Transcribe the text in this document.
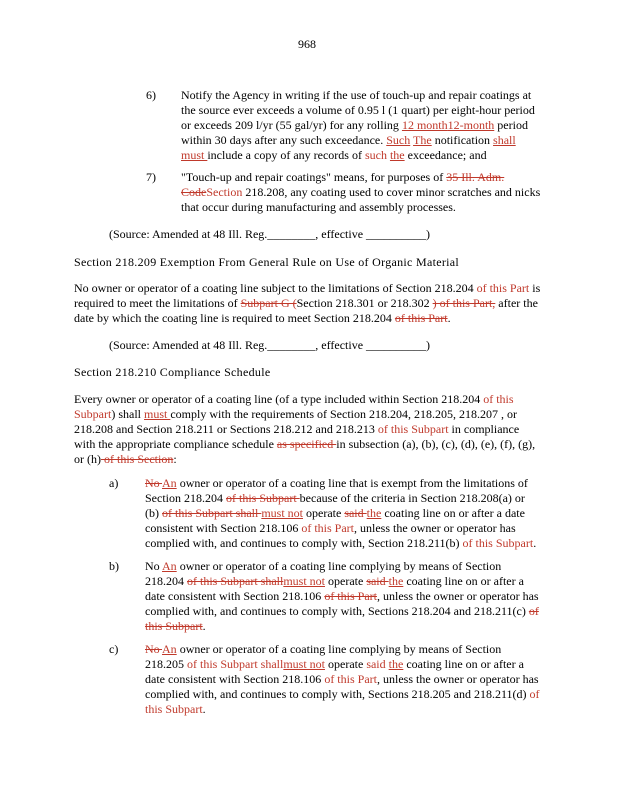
968
6) Notify the Agency in writing if the use of touch-up and repair coatings at
the source ever exceeds a volume of 0.95 l (1 quart) per eight-hour period
or exceeds 209 l/yr (55 gal/yr) for any rolling 12 month12-month period
within 30 days after any such exceedance. Such The notification shall
must include a copy of any records of such the exceedance; and
7) "Touch-up and repair coatings" means, for purposes of 35 Ill. Adm.
CodeSection 218.208, any coating used to cover minor scratches and nicks
that occur during manufacturing and assembly processes.
(Source: Amended at 48 Ill. Reg.________, effective __________)
Section 218.209 Exemption From General Rule on Use of Organic Material
No owner or operator of a coating line subject to the limitations of Section 218.204 of this Part is
required to meet the limitations of Subpart G (Section 218.301 or 218.302 ) of this Part, after the
date by which the coating line is required to meet Section 218.204 of this Part.
(Source: Amended at 48 Ill. Reg.________, effective __________)
Section 218.210 Compliance Schedule
Every owner or operator of a coating line (of a type included within Section 218.204 of this
Subpart) shall must comply with the requirements of Section 218.204, 218.205, 218.207 , or
218.208 and Section 218.211 or Sections 218.212 and 218.213 of this Subpart in compliance
with the appropriate compliance schedule as specified in subsection (a), (b), (c), (d), (e), (f), (g),
or (h) of this Section:
a) No An owner or operator of a coating line that is exempt from the limitations of
Section 218.204 of this Subpart because of the criteria in Section 218.208(a) or
(b) of this Subpart shall must not operate said the coating line on or after a date
consistent with Section 218.106 of this Part, unless the owner or operator has
complied with, and continues to comply with, Section 218.211(b) of this Subpart.
b) No An owner or operator of a coating line complying by means of Section
218.204 of this Subpart shallmust not operate said the coating line on or after a
date consistent with Section 218.106 of this Part, unless the owner or operator has
complied with, and continues to comply with, Sections 218.204 and 218.211(c) of
this Subpart.
c) No An owner or operator of a coating line complying by means of Section
218.205 of this Subpart shallmust not operate said the coating line on or after a
date consistent with Section 218.106 of this Part, unless the owner or operator has
complied with, and continues to comply with, Sections 218.205 and 218.211(d) of
this Subpart.
